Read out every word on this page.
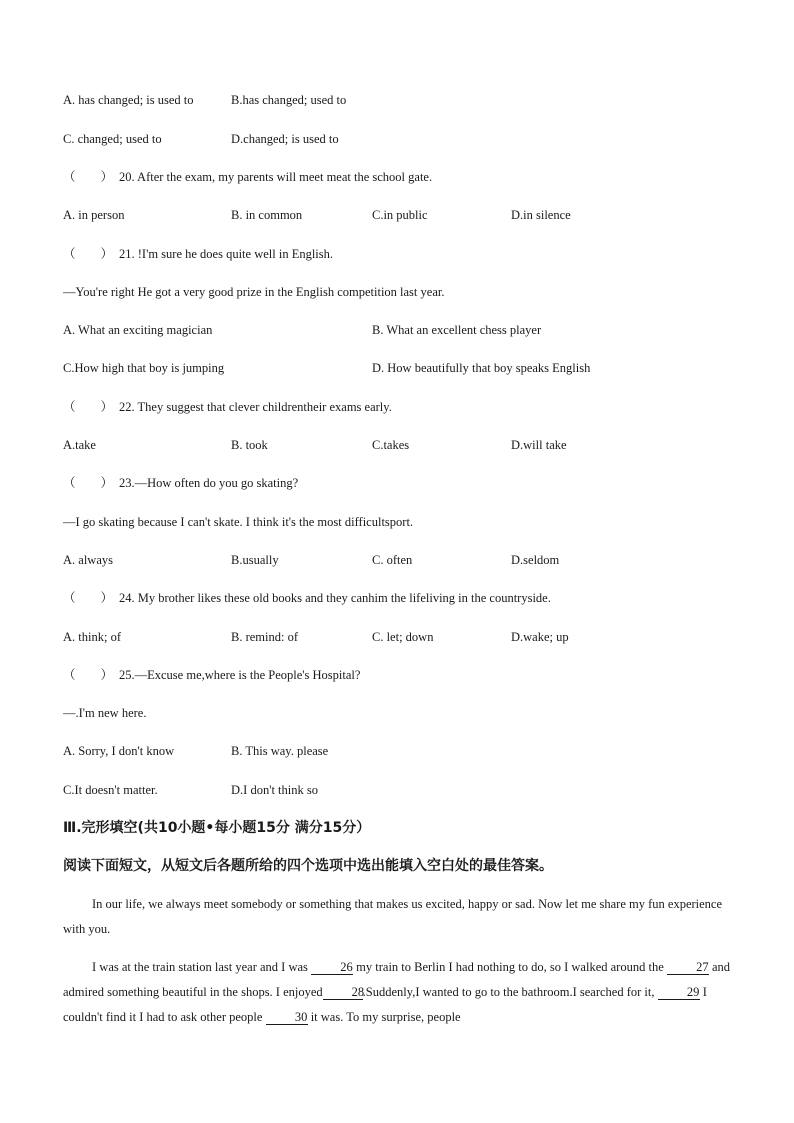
A. has changed; is used to	B.has changed; used to
C. changed; used to	D.changed; is used to
（　　） 20. After the exam, my parents will meet meat the school gate.
A. in person	B. in common	C.in public	D.in silence
（　　） 21. !I'm sure he does quite well in English.
—You're right He got a very good prize in the English competition last year.
A. What an exciting magician	B. What an excellent chess player
C.How high that boy is jumping	D. How beautifully that boy speaks English
（　　） 22. They suggest that clever childrentheir exams early.
A.take	B. took	C.takes	D.will take
（　　） 23.—How often do you go skating?
—I go skating because I can't skate. I think it's the most difficultsport.
A. always	B.usually	C. often	D.seldom
（　　） 24. My brother likes these old books and they canhim the lifeliving in the countryside.
A. think; of	B. remind: of	C. let; down	D.wake; up
（　　） 25.—Excuse me,where is the People's Hospital?
—.I'm new here.
A. Sorry, I don't know	B. This way. please
C.It doesn't matter.	D.I don't think so
Ⅲ.完形填空(共10小题•每小题15分 满分15分）
阅读下面短文，从短文后各题所给的四个选项中选出能填入空白处的最佳答案。

In our life, we always meet somebody or something that makes us excited, happy or sad. Now let me share my fun experience with you.

I was at the train station last year and I was 26 my train to Berlin I had nothing to do, so I walked around the 27 and admired something beautiful in the shops. I enjoyed 28.Suddenly,I wanted to go to the bathroom.I searched for it, 29 I couldn't find it I had to ask other people 30 it was. To my surprise, people
